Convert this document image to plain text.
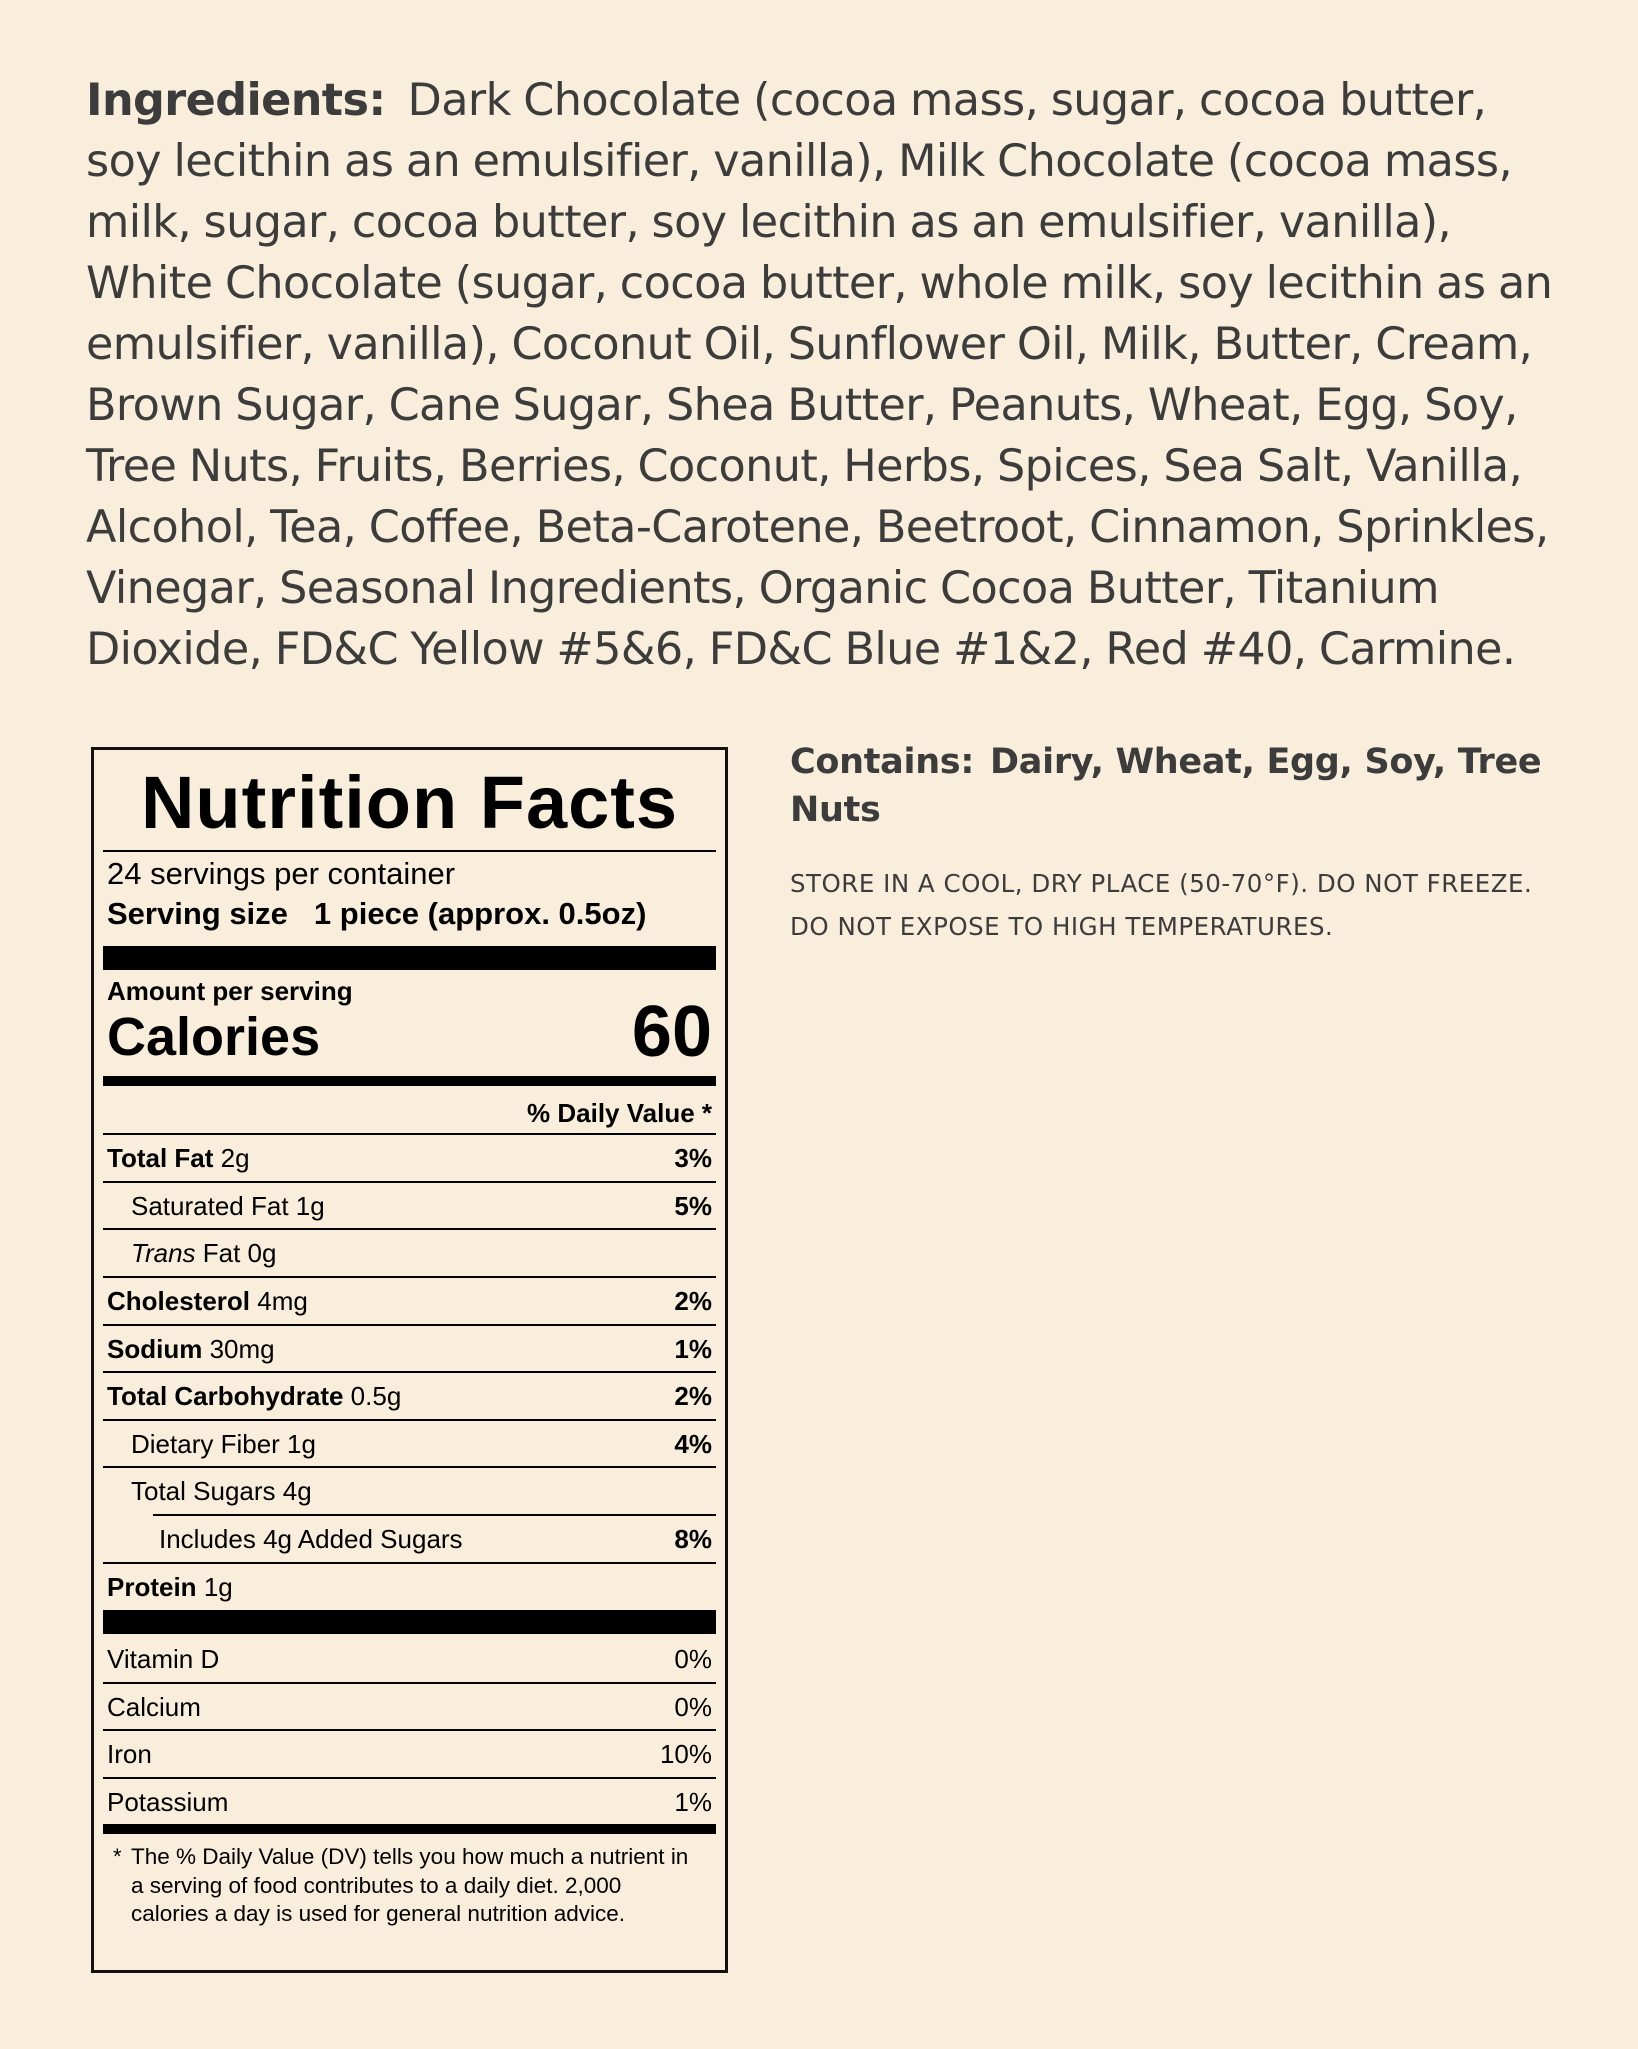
Ingredients: Dark Chocolate (cocoa mass, sugar, cocoa butter, soy lecithin as an emulsifier, vanilla), Milk Chocolate (cocoa mass, milk, sugar, cocoa butter, soy lecithin as an emulsifier, vanilla), White Chocolate (sugar, cocoa butter, whole milk, soy lecithin as an emulsifier, vanilla), Coconut Oil, Sunflower Oil, Milk, Butter, Cream, Brown Sugar, Cane Sugar, Shea Butter, Peanuts, Wheat, Egg, Soy, Tree Nuts, Fruits, Berries, Coconut, Herbs, Spices, Sea Salt, Vanilla, Alcohol, Tea, Coffee, Beta-Carotene, Beetroot, Cinnamon, Sprinkles, Vinegar, Seasonal Ingredients, Organic Cocoa Butter, Titanium Dioxide, FD&C Yellow #5&6, FD&C Blue #1&2, Red #40, Carmine.
Nutrition Facts
24 servings per container
Serving size 1 piece (approx. 0.5oz)
Amount per serving
Calories	60
% Daily Value *
Total Fat 2g	3%
Saturated Fat 1g	5%
Trans Fat 0g
Cholesterol 4mg	2%
Sodium 30mg	1%
Total Carbohydrate 0.5g	2%
Dietary Fiber 1g	4%
Total Sugars 4g
Includes 4g Added Sugars	8%
Protein 1g
Vitamin D	0%
Calcium	0%
Iron	10%
Potassium	1%
* The % Daily Value (DV) tells you how much a nutrient in a serving of food contributes to a daily diet. 2,000 calories a day is used for general nutrition advice.
Contains: Dairy, Wheat, Egg, Soy, Tree Nuts
STORE IN A COOL, DRY PLACE (50-70°F). DO NOT FREEZE. DO NOT EXPOSE TO HIGH TEMPERATURES.
